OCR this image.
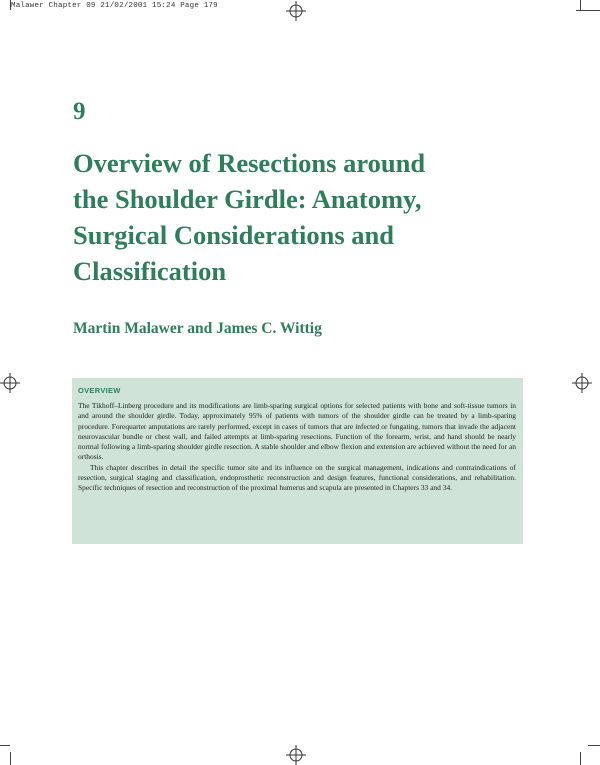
Malawer Chapter 09 21/02/2001 15:24 Page 179
9
Overview of Resections around
the Shoulder Girdle: Anatomy,
Surgical Considerations and
Classification
Martin Malawer and James C. Wittig
OVERVIEW

The Tikhoff–Linberg procedure and its modifications are limb-sparing surgical options for selected patients with bone and soft-tissue tumors in and around the shoulder girdle. Today, approximately 95% of patients with tumors of the shoulder girdle can be treated by a limb-sparing procedure. Forequarter amputations are rarely performed, except in cases of tumors that are infected or fungating, tumors that invade the adjacent neurovascular bundle or chest wall, and failed attempts at limb-sparing resections. Function of the forearm, wrist, and hand should be nearly normal following a limb-sparing shoulder girdle resection. A stable shoulder and elbow flexion and extension are achieved without the need for an orthosis.

This chapter describes in detail the specific tumor site and its influence on the surgical management, indications and contraindications of resection, surgical staging and classification, endoprosthetic reconstruction and design features, functional considerations, and rehabilitation. Specific techniques of resection and reconstruction of the proximal humerus and scapula are presented in Chapters 33 and 34.
